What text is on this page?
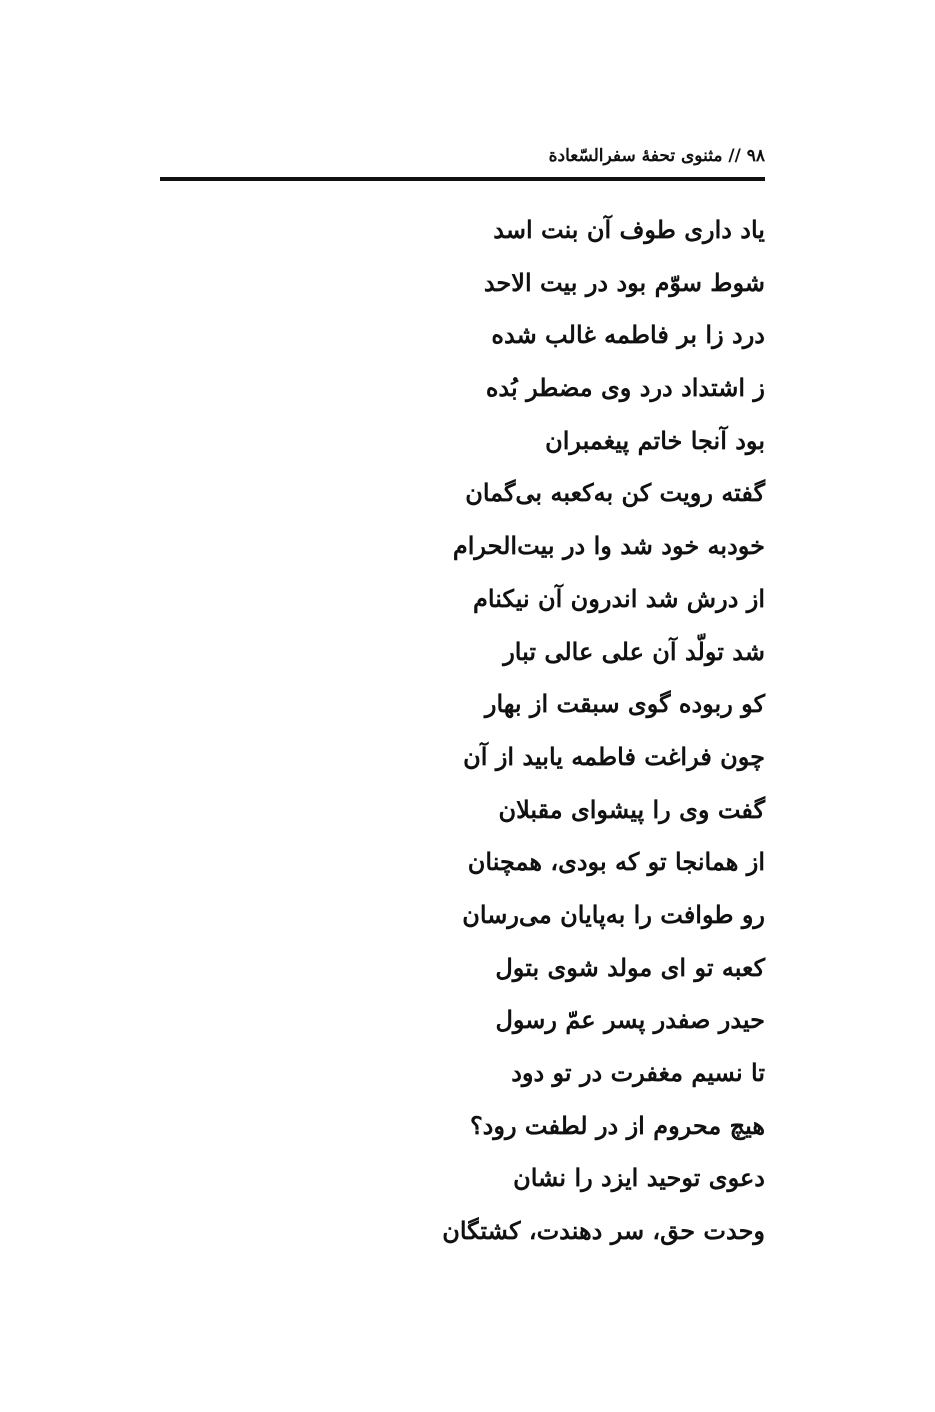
۹۸ // مثنوی تحفهٔ سفرالسّعادة
یاد داری طوف آن بنت اسد
شوط سوّم بود در بیت الاحد
درد زا بر فاطمه غالب شده
ز اشتداد درد وی مضطر بُده
بود آنجا خاتم پیغمبران
گفته رویت کن به‌کعبه بی‌گمان
خودبه خود شد وا در بیت‌الحرام
از درش شد اندرون آن نیکنام
شد تولّد آن علی عالی تبار
کو ربوده گوی سبقت از بهار
چون فراغت فاطمه یابید از آن
گفت وی را پیشوای مقبلان
از همانجا تو که بودی، همچنان
رو طوافت را به‌پایان می‌رسان
کعبه تو ای مولد شوی بتول
حیدر صفدر پسر عمّ رسول
تا نسیم مغفرت در تو دود
هیچ محروم از در لطفت رود؟
دعوی توحید ایزد را نشان
وحدت حق، سر دهندت، کشتگان
